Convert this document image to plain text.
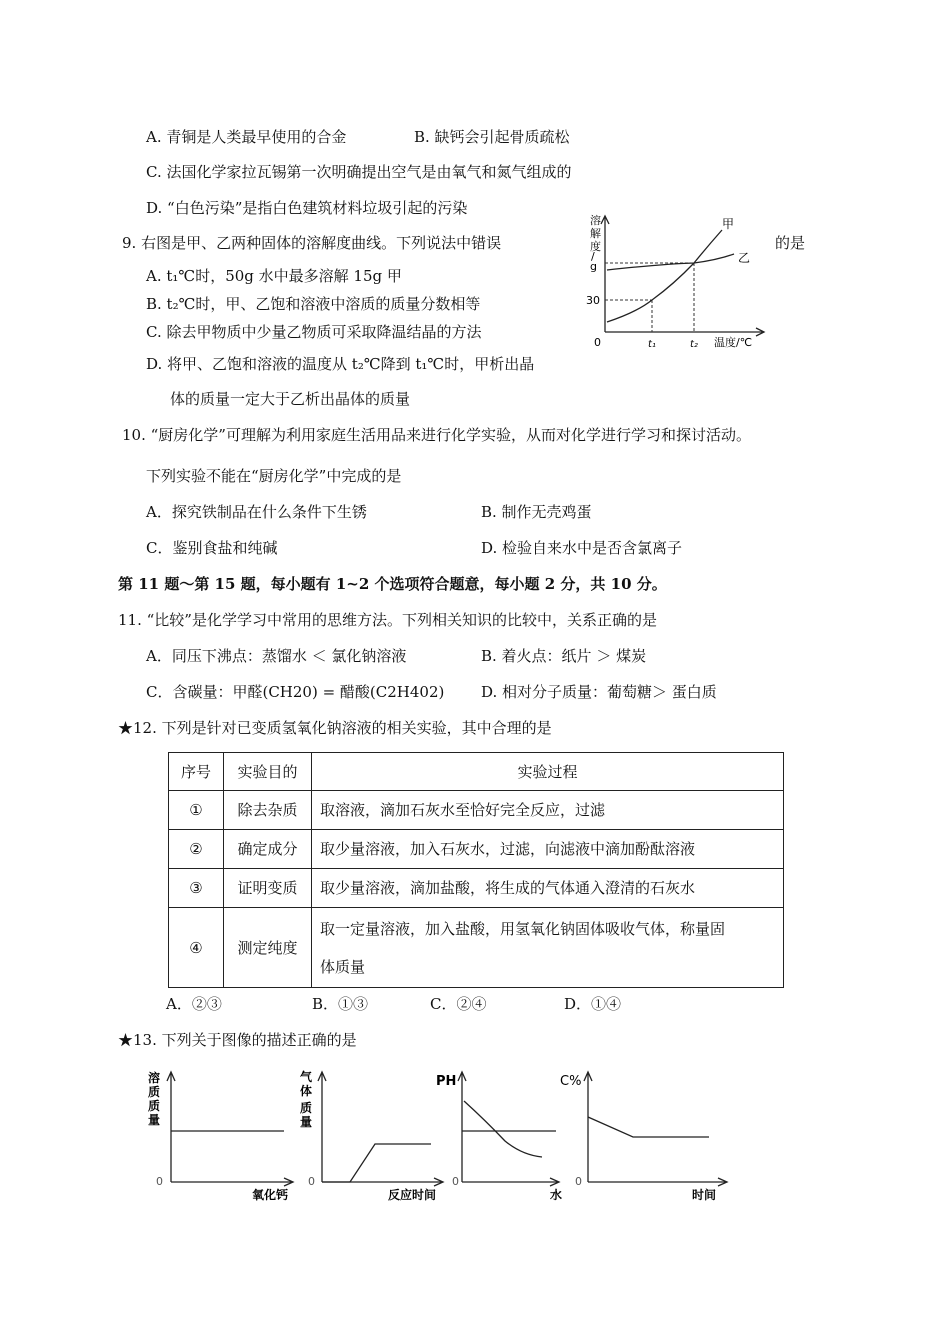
A. 青铜是人类最早使用的合金	B. 缺钙会引起骨质疏松
C. 法国化学家拉瓦锡第一次明确提出空气是由氧气和氮气组成的
D. “白色污染”是指白色建筑材料垃圾引起的污染
9. 右图是甲、乙两种固体的溶解度曲线。下列说法中错误	的是
A. t₁℃时，50g 水中最多溶解 15g 甲
B. t₂℃时，甲、乙饱和溶液中溶质的质量分数相等
C. 除去甲物质中少量乙物质可采取降温结晶的方法
D. 将甲、乙饱和溶液的温度从 t₂℃降到 t₁℃时，甲析出晶
体的质量一定大于乙析出晶体的质量
溶
解
度
/
g
30
0	t₁	t₂ 温度/℃
甲
乙
10. “厨房化学”可理解为利用家庭生活用品来进行化学实验，从而对化学进行学习和探讨活动。
下列实验不能在“厨房化学”中完成的是
A．探究铁制品在什么条件下生锈	B. 制作无壳鸡蛋
C．鉴别食盐和纯碱	D. 检验自来水中是否含氯离子
第 11 题～第 15 题，每小题有 1~2 个选项符合题意，每小题 2 分，共 10 分。
11. “比较”是化学学习中常用的思维方法。下列相关知识的比较中，关系正确的是
A．同压下沸点：蒸馏水 ＜ 氯化钠溶液	B. 着火点：纸片 ＞ 煤炭
C．含碳量：甲醛(CH20) = 醋酸(C2H402) D. 相对分子质量：葡萄糖＞ 蛋白质
★12. 下列是针对已变质氢氧化钠溶液的相关实验，其中合理的是
序号	实验目的	实验过程
①	除去杂质	取溶液，滴加石灰水至恰好完全反应，过滤
②	确定成分	取少量溶液，加入石灰水，过滤，向滤液中滴加酚酞溶液
③	证明变质	取少量溶液，滴加盐酸，将生成的气体通入澄清的石灰水
④	测定纯度	取一定量溶液，加入盐酸，用氢氧化钠固体吸收气体，称量固
体质量
A．②③	B．①③	C．②④	D．①④
★13. 下列关于图像的描述正确的是
溶
质
质
量
0
氧化钙
气
体
质
量
0
反应时间
PH
0
水
C%
0
时间
